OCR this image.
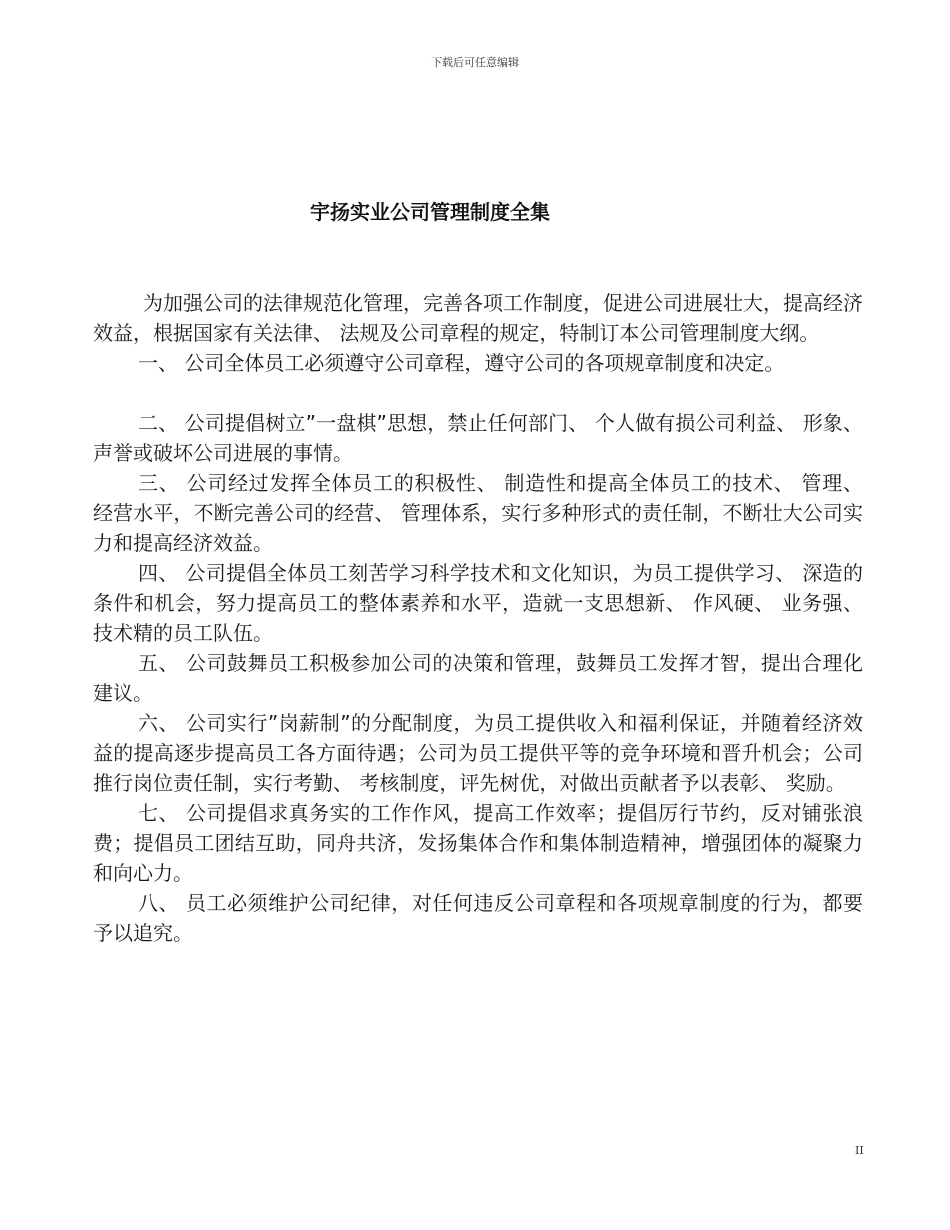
下载后可任意编辑
宇扬实业公司管理制度全集

为加强公司的法律规范化管理，完善各项工作制度，促进公司进展壮大，提高经济效益，根据国家有关法律、 法规及公司章程的规定，特制订本公司管理制度大纲。

一、 公司全体员工必须遵守公司章程，遵守公司的各项规章制度和决定。

二、 公司提倡树立”一盘棋”思想，禁止任何部门、 个人做有损公司利益、 形象、 声誉或破坏公司进展的事情。

三、 公司经过发挥全体员工的积极性、 制造性和提高全体员工的技术、 管理、 经营水平，不断完善公司的经营、 管理体系，实行多种形式的责任制，不断壮大公司实力和提高经济效益。

四、 公司提倡全体员工刻苦学习科学技术和文化知识，为员工提供学习、 深造的条件和机会，努力提高员工的整体素养和水平，造就一支思想新、 作风硬、 业务强、 技术精的员工队伍。

五、 公司鼓舞员工积极参加公司的决策和管理，鼓舞员工发挥才智，提出合理化建议。

六、 公司实行”岗薪制”的分配制度，为员工提供收入和福利保证，并随着经济效益的提高逐步提高员工各方面待遇；公司为员工提供平等的竞争环境和晋升机会；公司推行岗位责任制，实行考勤、 考核制度，评先树优，对做出贡献者予以表彰、 奖励。

七、 公司提倡求真务实的工作作风，提高工作效率；提倡厉行节约，反对铺张浪费；提倡员工团结互助，同舟共济，发扬集体合作和集体制造精神，增强团体的凝聚力和向心力。

八、 员工必须维护公司纪律，对任何违反公司章程和各项规章制度的行为，都要予以追究。

II
